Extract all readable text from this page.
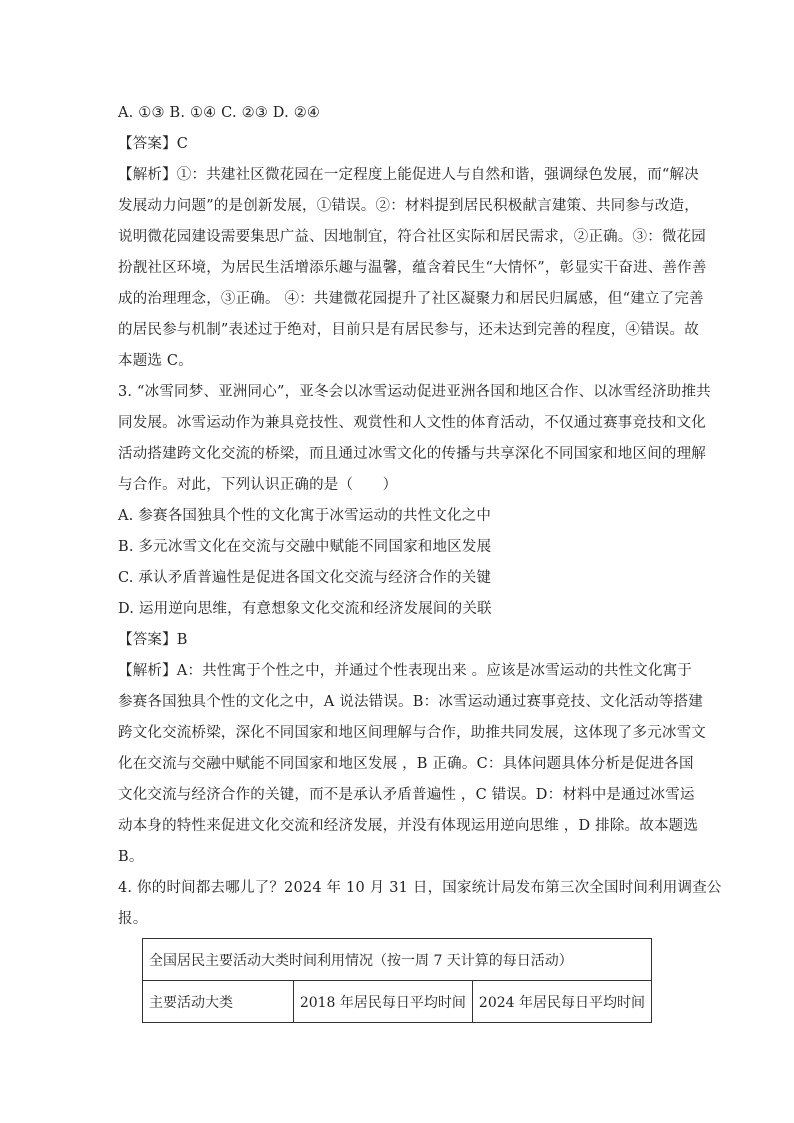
A. ①③ B. ①④ C. ②③ D. ②④
【答案】C
【解析】①：共建社区微花园在一定程度上能促进人与自然和谐，强调绿色发展，而“解决
发展动力问题”的是创新发展，①错误。②：材料提到居民积极献言建策、共同参与改造，
说明微花园建设需要集思广益、因地制宜，符合社区实际和居民需求，②正确。③：微花园
扮靓社区环境，为居民生活增添乐趣与温馨，蕴含着民生“大情怀”，彰显实干奋进、善作善
成的治理理念，③正确。 ④：共建微花园提升了社区凝聚力和居民归属感，但“建立了完善
的居民参与机制”表述过于绝对，目前只是有居民参与，还未达到完善的程度，④错误。故
本题选 C。
3. “冰雪同梦、亚洲同心”，亚冬会以冰雪运动促进亚洲各国和地区合作、以冰雪经济助推共
同发展。冰雪运动作为兼具竞技性、观赏性和人文性的体育活动，不仅通过赛事竞技和文化
活动搭建跨文化交流的桥梁，而且通过冰雪文化的传播与共享深化不同国家和地区间的理解
与合作。对此，下列认识正确的是（　　）
A. 参赛各国独具个性的文化寓于冰雪运动的共性文化之中
B. 多元冰雪文化在交流与交融中赋能不同国家和地区发展
C. 承认矛盾普遍性是促进各国文化交流与经济合作的关键
D. 运用逆向思维，有意想象文化交流和经济发展间的关联
【答案】B
【解析】A：共性寓于个性之中，并通过个性表现出来 。应该是冰雪运动的共性文化寓于
参赛各国独具个性的文化之中，A 说法错误。B：冰雪运动通过赛事竞技、文化活动等搭建
跨文化交流桥梁，深化不同国家和地区间理解与合作，助推共同发展，这体现了多元冰雪文
化在交流与交融中赋能不同国家和地区发展 ，B 正确。C：具体问题具体分析是促进各国
文化交流与经济合作的关键，而不是承认矛盾普遍性 ，C 错误。D：材料中是通过冰雪运
动本身的特性来促进文化交流和经济发展，并没有体现运用逆向思维 ，D 排除。故本题选
B。
4. 你的时间都去哪儿了？2024 年 10 月 31 日，国家统计局发布第三次全国时间利用调查公
报。
全国居民主要活动大类时间利用情况（按一周 7 天计算的每日活动）
主要活动大类	2018 年居民每日平均时间	2024 年居民每日平均时间
